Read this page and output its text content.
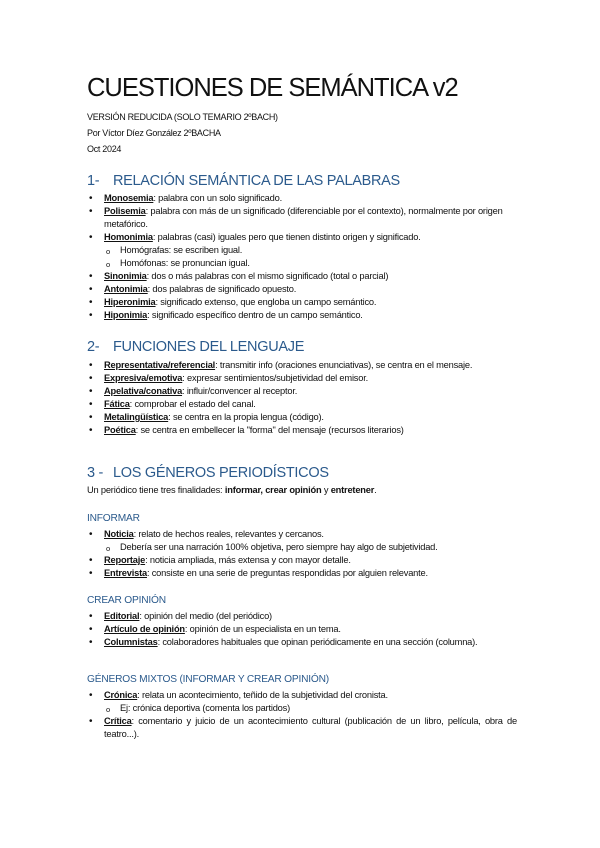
CUESTIONES DE SEMÁNTICA v2
VERSIÓN REDUCIDA (SOLO TEMARIO 2ºBACH)
Por Víctor Díez González 2ºBACHA
Oct 2024
1- RELACIÓN SEMÁNTICA DE LAS PALABRAS
• Monosemia: palabra con un solo significado.
• Polisemia: palabra con más de un significado (diferenciable por el contexto), normalmente por origen metafórico.
• Homonimia: palabras (casi) iguales pero que tienen distinto origen y significado.
o Homógrafas: se escriben igual.
o Homófonas: se pronuncian igual.
• Sinonimia: dos o más palabras con el mismo significado (total o parcial)
• Antonimia: dos palabras de significado opuesto.
• Hiperonimia: significado extenso, que engloba un campo semántico.
• Hiponimia: significado específico dentro de un campo semántico.
2- FUNCIONES DEL LENGUAJE
• Representativa/referencial: transmitir info (oraciones enunciativas), se centra en el mensaje.
• Expresiva/emotiva: expresar sentimientos/subjetividad del emisor.
• Apelativa/conativa: influir/convencer al receptor.
• Fática: comprobar el estado del canal.
• Metalingüística: se centra en la propia lengua (código).
• Poética: se centra en embellecer la "forma" del mensaje (recursos literarios)
3 - LOS GÉNEROS PERIODÍSTICOS
Un periódico tiene tres finalidades: informar, crear opinión y entretener.
INFORMAR
• Noticia: relato de hechos reales, relevantes y cercanos.
o Debería ser una narración 100% objetiva, pero siempre hay algo de subjetividad.
• Reportaje: noticia ampliada, más extensa y con mayor detalle.
• Entrevista: consiste en una serie de preguntas respondidas por alguien relevante.
CREAR OPINIÓN
• Editorial: opinión del medio (del periódico)
• Artículo de opinión: opinión de un especialista en un tema.
• Columnistas: colaboradores habituales que opinan periódicamente en una sección (columna).
GÉNEROS MIXTOS (INFORMAR Y CREAR OPINIÓN)
• Crónica: relata un acontecimiento, teñido de la subjetividad del cronista.
o Ej: crónica deportiva (comenta los partidos)
• Crítica: comentario y juicio de un acontecimiento cultural (publicación de un libro, película, obra de teatro...).
